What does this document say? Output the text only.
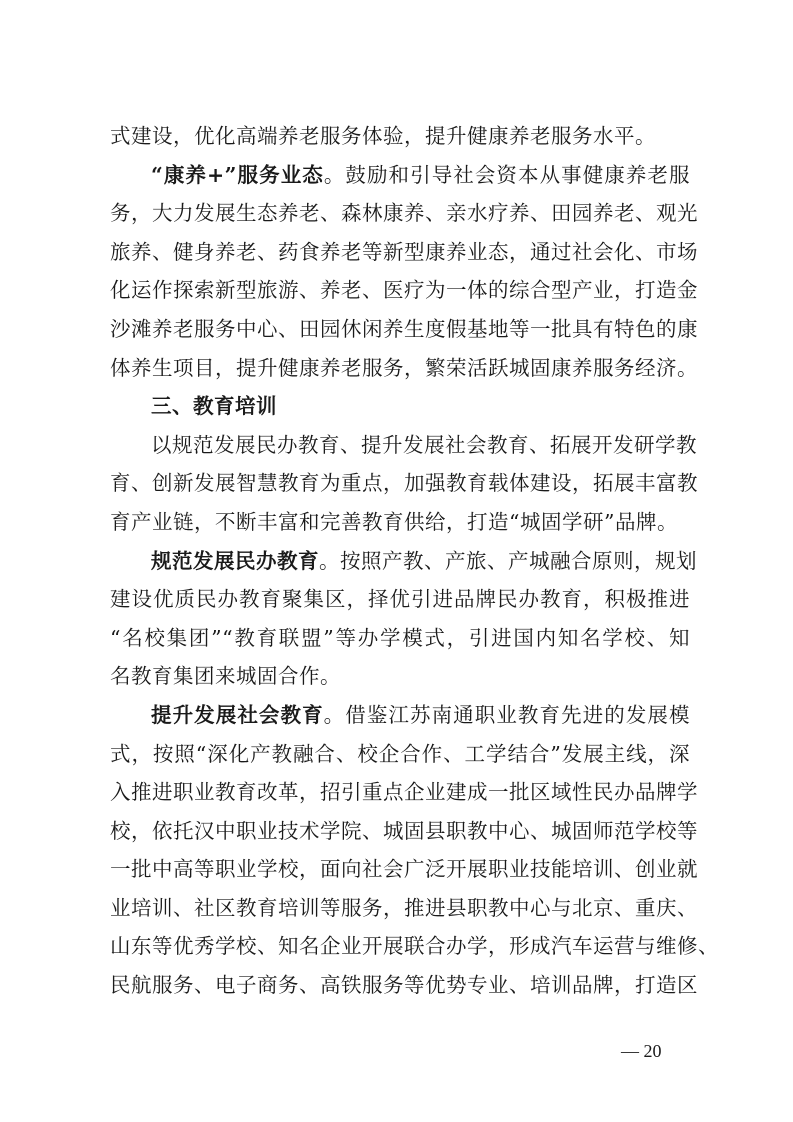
式建设，优化高端养老服务体验，提升健康养老服务水平。
“康养+”服务业态。鼓励和引导社会资本从事健康养老服
务，大力发展生态养老、森林康养、亲水疗养、田园养老、观光
旅养、健身养老、药食养老等新型康养业态，通过社会化、市场
化运作探索新型旅游、养老、医疗为一体的综合型产业，打造金
沙滩养老服务中心、田园休闲养生度假基地等一批具有特色的康
体养生项目，提升健康养老服务，繁荣活跃城固康养服务经济。
三、教育培训
以规范发展民办教育、提升发展社会教育、拓展开发研学教
育、创新发展智慧教育为重点，加强教育载体建设，拓展丰富教
育产业链，不断丰富和完善教育供给，打造“城固学研”品牌。
规范发展民办教育。按照产教、产旅、产城融合原则，规划
建设优质民办教育聚集区，择优引进品牌民办教育，积极推进
“名校集团”“教育联盟”等办学模式，引进国内知名学校、知
名教育集团来城固合作。
提升发展社会教育。借鉴江苏南通职业教育先进的发展模
式，按照“深化产教融合、校企合作、工学结合”发展主线，深
入推进职业教育改革，招引重点企业建成一批区域性民办品牌学
校，依托汉中职业技术学院、城固县职教中心、城固师范学校等
一批中高等职业学校，面向社会广泛开展职业技能培训、创业就
业培训、社区教育培训等服务，推进县职教中心与北京、重庆、
山东等优秀学校、知名企业开展联合办学，形成汽车运营与维修、
民航服务、电子商务、高铁服务等优势专业、培训品牌，打造区
— 20
